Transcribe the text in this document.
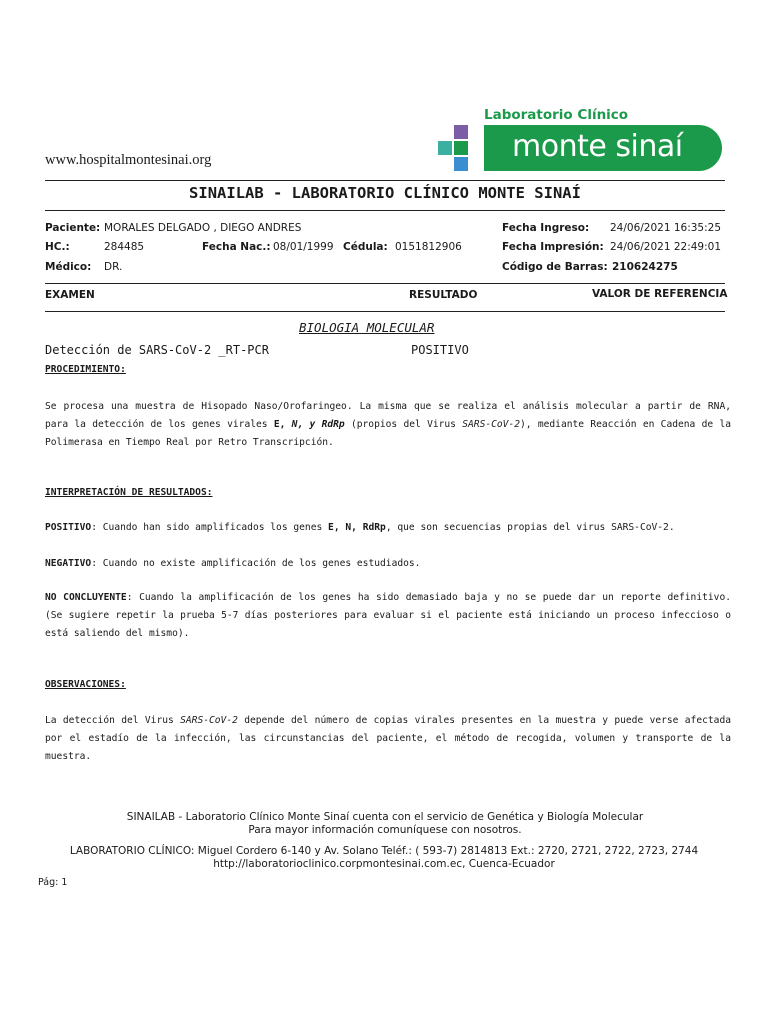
www.hospitalmontesinai.org
Laboratorio Clínico
monte sinaí
SINAILAB - LABORATORIO CLÍNICO MONTE SINAÍ
Paciente: MORALES DELGADO , DIEGO ANDRES
HC.:	284485	Fecha Nac.: 08/01/1999 Cédula: 0151812906
Médico: DR.
Fecha Ingreso: 24/06/2021 16:35:25
Fecha Impresión: 24/06/2021 22:49:01
Código de Barras: 210624275
EXAMEN	RESULTADO	VALOR DE REFERENCIA
BIOLOGIA MOLECULAR
Detección de SARS-CoV-2 _RT-PCR	POSITIVO
PROCEDIMIENTO:
Se procesa una muestra de Hisopado Naso/Orofaringeo. La misma que se realiza el análisis molecular a partir de RNA, para la detección de los genes virales E, N, y RdRp (propios del Virus SARS-CoV-2), mediante Reacción en Cadena de la Polimerasa en Tiempo Real por Retro Transcripción.
INTERPRETACIÓN DE RESULTADOS:
POSITIVO: Cuando han sido amplificados los genes E, N, RdRp, que son secuencias propias del virus SARS-CoV-2.
NEGATIVO: Cuando no existe amplificación de los genes estudiados.
NO CONCLUYENTE: Cuando la amplificación de los genes ha sido demasiado baja y no se puede dar un reporte definitivo. (Se sugiere repetir la prueba 5-7 días posteriores para evaluar si el paciente está iniciando un proceso infeccioso o está saliendo del mismo).
OBSERVACIONES:
La detección del Virus SARS-CoV-2 depende del número de copias virales presentes en la muestra y puede verse afectada por el estadío de la infección, las circunstancias del paciente, el método de recogida, volumen y transporte de la muestra.
SINAILAB - Laboratorio Clínico Monte Sinaí cuenta con el servicio de Genética y Biología Molecular
Para mayor información comuníquese con nosotros.
LABORATORIO CLÍNICO: Miguel Cordero 6-140 y Av. Solano Teléf.: ( 593-7) 2814813 Ext.: 2720, 2721, 2722, 2723, 2744
http://laboratorioclinico.corpmontesinai.com.ec, Cuenca-Ecuador
Pág: 1
